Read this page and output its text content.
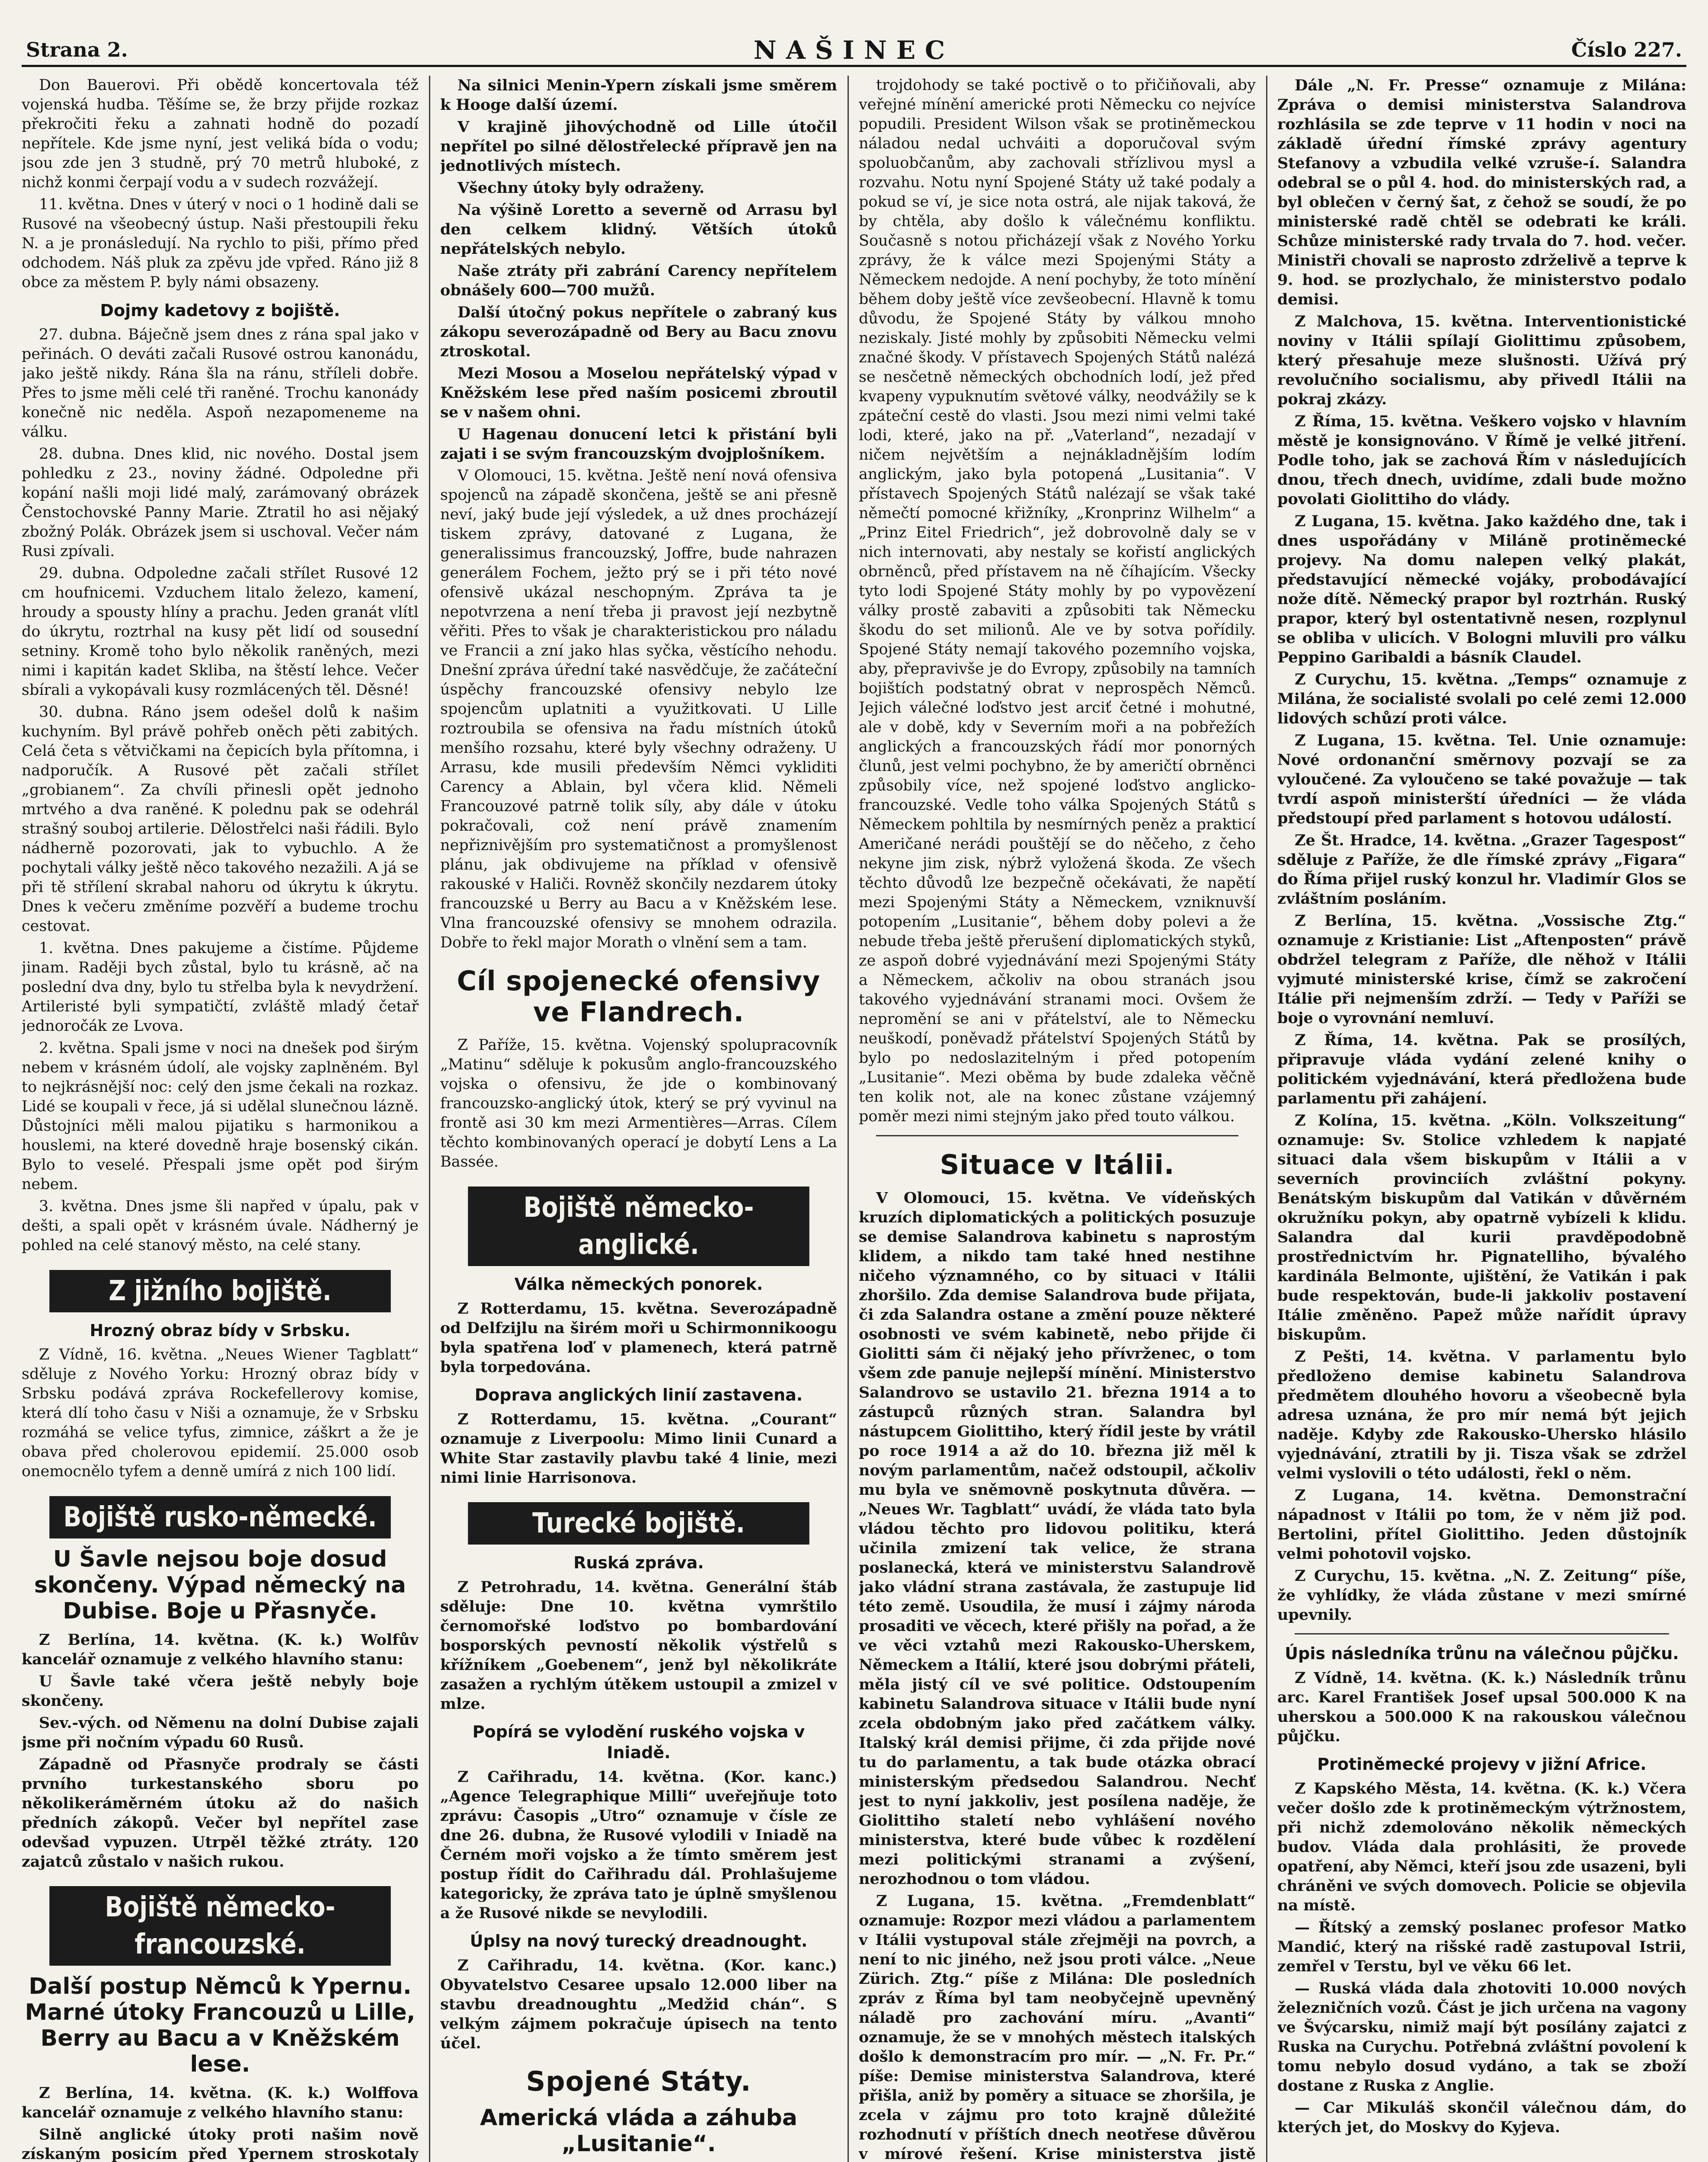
Strana 2.	NAŠINEC	Číslo 227.

Don Bauerovi. Při obědě koncertovala též vojenská hudba. Těšíme se, že brzy přijde rozkaz překročiti řeku a zahnati hodně do pozadí nepřítele. Kde jsme nyní, jest veliká bída o vodu; jsou zde jen 3 studně, prý 70 metrů hluboké, z nichž konmi čerpají vodu a v sudech rozvážejí.

11. května. Dnes v úterý v noci o 1 hodině dali se Rusové na všeobecný ústup. Naši přestoupili řeku N. a je pronásledují. Na rychlo to piši, přímo před odchodem. Náš pluk za zpěvu jde vpřed. Ráno již 8 obce za městem P. byly námi obsazeny.

Dojmy kadetovy z bojiště.

27. dubna. Báječně jsem dnes z rána spal jako v peřinách. O deváti začali Rusové ostrou kanonádu, jako ještě nikdy. Rána šla na ránu, stříleli dobře. Přes to jsme měli celé tři raněné. Trochu kanonády konečně nic neděla. Aspoň nezapomeneme na válku.

28. dubna. Dnes klid, nic nového. Dostal jsem pohledku z 23., noviny žádné. Odpoledne při kopání našli moji lidé malý, zarámovaný obrázek Čenstochovské Panny Marie. Ztratil ho asi nějaký zbožný Polák. Obrázek jsem si uschoval. Večer nám Rusi zpívali.

29. dubna. Odpoledne začali střílet Rusové 12 cm houfnicemi. Vzduchem litalo železo, kamení, hroudy a spousty hlíny a prachu. Jeden granát vlítl do úkrytu, roztrhal na kusy pět lidí od sousední setniny. Kromě toho bylo několik raněných, mezi nimi i kapitán kadet Skliba, na štěstí lehce. Večer sbírali a vykopávali kusy rozmlácených těl. Děsné!

30. dubna. Ráno jsem odešel dolů k našim kuchyním. Byl právě pohřeb oněch pěti zabitých. Celá četa s větvičkami na čepicích byla přítomna, i nadporučík. A Rusové pět začali střílet „grobianem“. Za chvíli přinesli opět jednoho mrtvého a dva raněné. K polednu pak se odehrál strašný souboj artilerie. Dělostřelci naši řádili. Bylo nádherně pozorovati, jak to vybuchlo. A že pochytali války ještě něco takového nezažili. A já se při tě střílení skrabal nahoru od úkrytu k úkrytu. Dnes k večeru změníme pozvěří a budeme trochu cestovat.

1. května. Dnes pakujeme a čistíme. Půjdeme jinam. Raději bych zůstal, bylo tu krásně, ač na poslední dva dny, bylo tu střelba byla k nevydržení. Artileristé byli sympatičtí, zvláště mladý četař jednoročák ze Lvova.

2. května. Spali jsme v noci na dnešek pod širým nebem v krásném údolí, ale vojsky zaplněném. Byl to nejkrásnější noc: celý den jsme čekali na rozkaz. Lidé se koupali v řece, já si udělal slunečnou lázně. Důstojníci měli malou pijatiku s harmonikou a houslemi, na které dovedně hraje bosenský cikán. Bylo to veselé. Přespali jsme opět pod širým nebem.

3. května. Dnes jsme šli napřed v úpalu, pak v dešti, a spali opět v krásném úvale. Nádherný je pohled na celé stanový město, na celé stany.

Z jižního bojiště.
Hrozný obraz bídy v Srbsku.

Z Vídně, 16. května. „Neues Wiener Tagblatt“ sděluje z Nového Yorku: Hrozný obraz bídy v Srbsku podává zpráva Rockefellerovy komise, která dlí toho času v Niši a oznamuje, že v Srbsku rozmáhá se velice tyfus, zimnice, záškrt a že je obava před cholerovou epidemií. 25.000 osob onemocnělo tyfem a denně umírá z nich 100 lidí.

Bojiště rusko-německé.
U Šavle nejsou boje dosud skončeny. Výpad německý na Dubise. Boje u Přasnyče.

Z Berlína, 14. května. (K. k.) Wolfův kancelář oznamuje z velkého hlavního stanu:

U Šavle také včera ještě nebyly boje skončeny.

Sev.-vých. od Němenu na dolní Dubise zajali jsme při nočním výpadu 60 Rusů.

Západně od Přasnyče prodraly se části prvního turkestanského sboru po několikeráměrném útoku až do našich předních zákopů. Večer byl nepřítel zase odevšad vypuzen. Utrpěl těžké ztráty. 120 zajatců zůstalo v našich rukou.

Bojiště německo-francouzské.
Další postup Němců k Ypernu. Marné útoky Francouzů u Lille, Berry au Bacu a v Kněžském lese.

Z Berlína, 14. května. (K. k.) Wolffova kancelář oznamuje z velkého hlavního stanu:

Silně anglické útoky proti našim nově získaným posicím před Ypernem stroskotaly

Na silnici Menin-Ypern získali jsme směrem k Hooge další území.

V krajině jihovýchodně od Lille útočil nepřítel po silné dělostřelecké přípravě jen na jednotlivých místech.

Všechny útoky byly odraženy.

Na výšině Loretto a severně od Arrasu byl den celkem klidný. Větších útoků nepřátelských nebylo.

Naše ztráty při zabrání Carency nepřítelem obnášely 600—700 mužů.

Další útočný pokus nepřítele o zabraný kus zákopu severozápadně od Bery au Bacu znovu ztroskotal.

Mezi Mosou a Moselou nepřátelský výpad v Kněžském lese před naším posicemi zbroutil se v našem ohni.

U Hagenau donucení letci k přistání byli zajati i se svým francouzským dvojplošníkem.

V Olomouci, 15. května. Ještě není nová ofensiva spojenců na západě skončena, ještě se ani přesně neví, jaký bude její výsledek, a už dnes procházejí tiskem zprávy, datované z Lugana, že generalissimus francouzský, Joffre, bude nahrazen generálem Fochem, ježto prý se i při této nové ofensivě ukázal neschopným. Zpráva ta je nepotvrzena a není třeba ji pravost její nezbytně věřiti. Přes to však je charakteristickou pro náladu ve Francii a zní jako hlas syčka, věstícího nehodu. Dnešní zpráva úřední také nasvědčuje, že začáteční úspěchy francouzské ofensivy nebylo lze spojencům uplatniti a využitkovati. U Lille roztroubila se ofensiva na řadu místních útoků menšího rozsahu, které byly všechny odraženy. U Arrasu, kde musili především Němci vykliditi Carency a Ablain, byl včera klid. Němeli Francouzové patrně tolik síly, aby dále v útoku pokračovali, což není právě znamením nepřiznivějším pro systematičnost a promyšlenost plánu, jak obdivujeme na příklad v ofensivě rakouské v Haliči. Rovněž skončily nezdarem útoky francouzské u Berry au Bacu a v Kněžském lese. Vlna francouzské ofensivy se mnohem odrazila. Dobře to řekl major Morath o vlnění sem a tam.

Cíl spojenecké ofensivy ve Flandrech.

Z Paříže, 15. května. Vojenský spolupracovník „Matinu“ sděluje k pokusům anglo-francouzského vojska o ofensivu, že jde o kombinovaný francouzsko-anglický útok, který se prý vyvinul na frontě asi 30 km mezi Armentières—Arras. Cílem těchto kombinovaných operací je dobytí Lens a La Bassée.

Bojiště německo-anglické.
Válka německých ponorek.

Z Rotterdamu, 15. května. Severozápadně od Delfzijlu na širém moři u Schirmonnikoogu byla spatřena loď v plamenech, která patrně byla torpedována.

Doprava anglických linií zastavena.

Z Rotterdamu, 15. května. „Courant“ oznamuje z Liverpoolu: Mimo linii Cunard a White Star zastavily plavbu také 4 linie, mezi nimi linie Harrisonova.

Turecké bojiště.
Ruská zpráva.

Z Petrohradu, 14. května. Generální štáb sděluje: Dne 10. května vymrštilo černomořské loďstvo po bombardování bosporských pevností několik výstřelů s křížníkem „Goebenem“, jenž byl několikráte zasažen a rychlým útěkem ustoupil a zmizel v mlze.

Popírá se vylodění ruského vojska v Iniadě.

Z Cařihradu, 14. května. (Kor. kanc.) „Agence Telegraphique Milli“ uveřejňuje toto zprávu: Časopis „Utro“ oznamuje v čísle ze dne 26. dubna, že Rusové vylodili v Iniadě na Černém moři vojsko a že tímto směrem jest postup řídit do Cařihradu dál. Prohlašujeme kategoricky, že zpráva tato je úplně smyšlenou a že Rusové nikde se nevylodili.

Úplsy na nový turecký dreadnought.

Z Cařihradu, 14. května. (Kor. kanc.) Obyvatelstvo Cesaree upsalo 12.000 liber na stavbu dreadnoughtu „Medžid chán“. S velkým zájmem pokračuje úpisech na tento účel.

Spojené Státy.
Americká vláda a záhuba „Lusitanie“.

trojdohody se také poctivě o to přičiňovali, aby veřejné mínění americké proti Německu co nejvíce popudili. President Wilson však se protiněmeckou náladou nedal uchváiti a doporučoval svým spoluobčanům, aby zachovali střízlivou mysl a rozvahu. Notu nyní Spojené Státy už také podaly a pokud se ví, je sice nota ostrá, ale nijak taková, že by chtěla, aby došlo k válečnému konfliktu. Současně s notou přicházejí však z Nového Yorku zprávy, že k válce mezi Spojenými Státy a Německem nedojde. A není pochyby, že toto mínění během doby ještě více zevšeobecní. Hlavně k tomu důvodu, že Spojené Státy by válkou mnoho neziskaly. Jisté mohly by způsobiti Německu velmi značné škody. V přístavech Spojených Států nalézá se nesčetně německých obchodních lodí, jež před kvapeny vypuknutím světové války, neodvážily se k zpáteční cestě do vlasti. Jsou mezi nimi velmi také lodi, které, jako na př. „Vaterland“, nezadají v ničem největším a nejnákladnějším lodím anglickým, jako byla potopená „Lusitania“. V přístavech Spojených Států nalézají se však také němečtí pomocné křižníky, „Kronprinz Wilhelm“ a „Prinz Eitel Friedrich“, jež dobrovolně daly se v nich internovati, aby nestaly se kořistí anglických obrněnců, před přístavem na ně číhajícím. Všecky tyto lodi Spojené Státy mohly by po vypovězení války prostě zabaviti a způsobiti tak Německu škodu do set milionů. Ale ve by sotva pořídily. Spojené Státy nemají takového pozemního vojska, aby, přepravivše je do Evropy, způsobily na tamních bojištích podstatný obrat v neprospěch Němců. Jejich válečné loďstvo jest arciť četné i mohutné, ale v době, kdy v Severním moři a na pobřežích anglických a francouzských řádí mor ponorných člunů, jest velmi pochybno, že by američtí obrněnci způsobily více, než spojené loďstvo anglicko-francouzské. Vedle toho válka Spojených Států s Německem pohltila by nesmírných peněz a prakticí Američané nerádi pouštějí se do něčeho, z čeho nekyne jim zisk, nýbrž vyložená škoda. Ze všech těchto důvodů lze bezpečně očekávati, že napětí mezi Spojenými Státy a Německem, vzniknuvší potopením „Lusitanie“, během doby polevi a že nebude třeba ještě přerušení diplomatických styků, ze aspoň dobré vyjednávání mezi Spojenými Státy a Německem, ačkoliv na obou stranách jsou takového vyjednávání stranami moci. Ovšem že nepromění se ani v přátelství, ale to Německu neuškodí, poněvadž přátelství Spojených Států by bylo po nedoslazitelným i před potopením „Lusitanie“. Mezi oběma by bude zdaleka věčně ten kolik not, ale na konec zůstane vzájemný poměr mezi nimi stejným jako před touto válkou.

Situace v Itálii.

V Olomouci, 15. května. Ve vídeňských kruzích diplomatických a politických posuzuje se demise Salandrova kabinetu s naprostým klidem, a nikdo tam také hned nestihne ničeho významného, co by situaci v Itálii zhoršilo. Zda demise Salandrova bude přijata, či zda Salandra ostane a změní pouze některé osobnosti ve svém kabinetě, nebo přijde či Giolitti sám či nějaký jeho přívrženec, o tom všem zde panuje nejlepší mínění. Ministerstvo Salandrovo se ustavilo 21. března 1914 a to zástupců různých stran. Salandra byl nástupcem Giolittiho, který řídil jeste by vrátil po roce 1914 a až do 10. března již měl k novým parlamentům, načež odstoupil, ačkoliv mu byla ve sněmovně poskytnuta důvěra. — „Neues Wr. Tagblatt“ uvádí, že vláda tato byla vládou těchto pro lidovou politiku, která učinila zmizení tak velice, že strana poslanecká, která ve ministerstvu Salandrově jako vládní strana zastávala, že zastupuje lid této země. Usoudila, že musí i zájmy národa prosaditi ve věcech, které přišly na pořad, a že ve věci vztahů mezi Rakousko-Uherskem, Německem a Itálií, které jsou dobrými přáteli, měla jistý cíl ve své politice. Odstoupením kabinetu Salandrova situace v Itálii bude nyní zcela obdobným jako před začátkem války. Italský král demisi přijme, či zda přijde nové tu do parlamentu, a tak bude otázka obrací ministerským předsedou Salandrou. Nechť jest to nyní jakkoliv, jest posílena naděje, že Giolittiho staletí nebo vyhlášení nového ministerstva, které bude vůbec k rozdělení mezi politickými stranami a zvýšení, nerozhodnou o tom vládou.

Z Lugana, 15. května. „Fremdenblatt“ oznamuje: Rozpor mezi vládou a parlamentem v Itálii vystupoval stále zřejměji na povrch, a není to nic jiného, než jsou proti válce. „Neue Zürich. Ztg.“ píše z Milána: Dle posledních zpráv z Říma byl tam neobyčejně upevněný náladě pro zachování míru. „Avanti“ oznamuje, že se v mnohých městech italských došlo k demonstracím pro mír. — „N. Fr. Pr.“ píše: Demise ministerstva Salandrova, které přišla, aniž by poměry a situace se zhoršila, je zcela v zájmu pro toto krajně důležité rozhodnutí v příštích dnech neotřese důvěrou v mírové řešení. Krise ministerstva jistě

Dále „N. Fr. Presse“ oznamuje z Milána: Zpráva o demisi ministerstva Salandrova rozhlásila se zde teprve v 11 hodin v noci na základě úřední římské zprávy agentury Stefanovy a vzbudila velké vzruše-í. Salandra odebral se o půl 4. hod. do ministerských rad, a byl oblečen v černý šat, z čehož se soudí, že po ministerské radě chtěl se odebrati ke králi. Schůze ministerské rady trvala do 7. hod. večer. Ministři chovali se naprosto zdrželivě a teprve k 9. hod. se prozlychalo, že ministerstvo podalo demisi.

Z Malchova, 15. května. Interventionistické noviny v Itálii spílají Giolittimu způsobem, který přesahuje meze slušnosti. Užívá prý revolučního socialismu, aby přivedl Itálii na pokraj zkázy.

Z Říma, 15. května. Veškero vojsko v hlavním městě je konsignováno. V Římě je velké jitření. Podle toho, jak se zachová Řím v následujících dnou, třech dnech, uvidíme, zdali bude možno povolati Giolittiho do vlády.

Z Lugana, 15. května. Jako každého dne, tak i dnes uspořádány v Miláně protiněmecké projevy. Na domu nalepen velký plakát, představující německé vojáky, probodávající nože dítě. Německý prapor byl roztrhán. Ruský prapor, který byl ostentativně nesen, rozplynul se obliba v ulicích. V Bologni mluvili pro válku Peppino Garibaldi a básník Claudel.

Z Curychu, 15. května. „Temps“ oznamuje z Milána, že socialisté svolali po celé zemi 12.000 lidových schůzí proti válce.

Z Lugana, 15. května. Tel. Unie oznamuje: Nové ordonanční směrnovy pozvají se za vyloučené. Za vyloučeno se také považuje — tak tvrdí aspoň ministerští úředníci — že vláda předstoupí před parlament s hotovou událostí.

Ze Št. Hradce, 14. května. „Grazer Tagespost“ sděluje z Paříže, že dle římské zprávy „Figara“ do Říma přijel ruský konzul hr. Vladimír Glos se zvláštním posláním.

Z Berlína, 15. května. „Vossische Ztg.“ oznamuje z Kristianie: List „Aftenposten“ právě obdržel telegram z Paříže, dle něhož v Itálii vyjmuté ministerské krise, čímž se zakročení Itálie při nejmenším zdrží. — Tedy v Paříži se boje o vyrovnání nemluví.

Z Říma, 14. května. Pak se prosílých, připravuje vláda vydání zelené knihy o politickém vyjednávání, která předložena bude parlamentu při zahájení.

Z Kolína, 15. května. „Köln. Volkszeitung“ oznamuje: Sv. Stolice vzhledem k napjaté situaci dala všem biskupům v Itálii a v severních provinciích zvláštní pokyny. Benátským biskupům dal Vatikán v důvěrném okružníku pokyn, aby opatrně vybízeli k klidu. Salandra dal kurii pravděpodobně prostřednictvím hr. Pignatelliho, bývalého kardinála Belmonte, ujištění, že Vatikán i pak bude respektován, bude-li jakkoliv postavení Itálie změněno. Papež může nařídit úpravy biskupům.

Z Pešti, 14. května. V parlamentu bylo předloženo demise kabinetu Salandrova předmětem dlouhého hovoru a všeobecně byla adresa uznána, že pro mír nemá být jejich naděje. Kdyby zde Rakousko-Uhersko hlásilo vyjednávání, ztratili by ji. Tisza však se zdržel velmi vyslovili o této události, řekl o něm.

Z Lugana, 14. května. Demonstrační nápadnost v Itálii po tom, že v něm již pod. Bertolini, přítel Giolittiho. Jeden důstojník velmi pohotovil vojsko.

Z Curychu, 15. května. „N. Z. Zeitung“ píše, že vyhlídky, že vláda zůstane v mezi smírné upevnily.

Úpis následníka trůnu na válečnou půjčku.

Z Vídně, 14. května. (K. k.) Následník trůnu arc. Karel František Josef upsal 500.000 K na uherskou a 500.000 K na rakouskou válečnou půjčku.

Protiněmecké projevy v jižní Africe.

Z Kapského Města, 14. května. (K. k.) Včera večer došlo zde k protiněmeckým výtržnostem, při nichž zdemolováno několik německých budov. Vláda dala prohlásiti, že provede opatření, aby Němci, kteří jsou zde usazeni, byli chráněni ve svých domovech. Policie se objevila na místě.

— Řítský a zemský poslanec profesor Matko Mandić, který na rišské radě zastupoval Istrii, zemřel v Terstu, byl ve věku 66 let.

— Ruská vláda dala zhotoviti 10.000 nových železničních vozů. Část je jich určena na vagony ve Švýcarsku, nimiž mají být posílány zajatci z Ruska na Curychu. Potřebná zvláštní povolení k tomu nebylo dosud vydáno, a tak se zboží dostane z Ruska z Anglie.

— Car Mikuláš skončil válečnou dám, do kterých jet, do Moskvy do Kyjeva.
